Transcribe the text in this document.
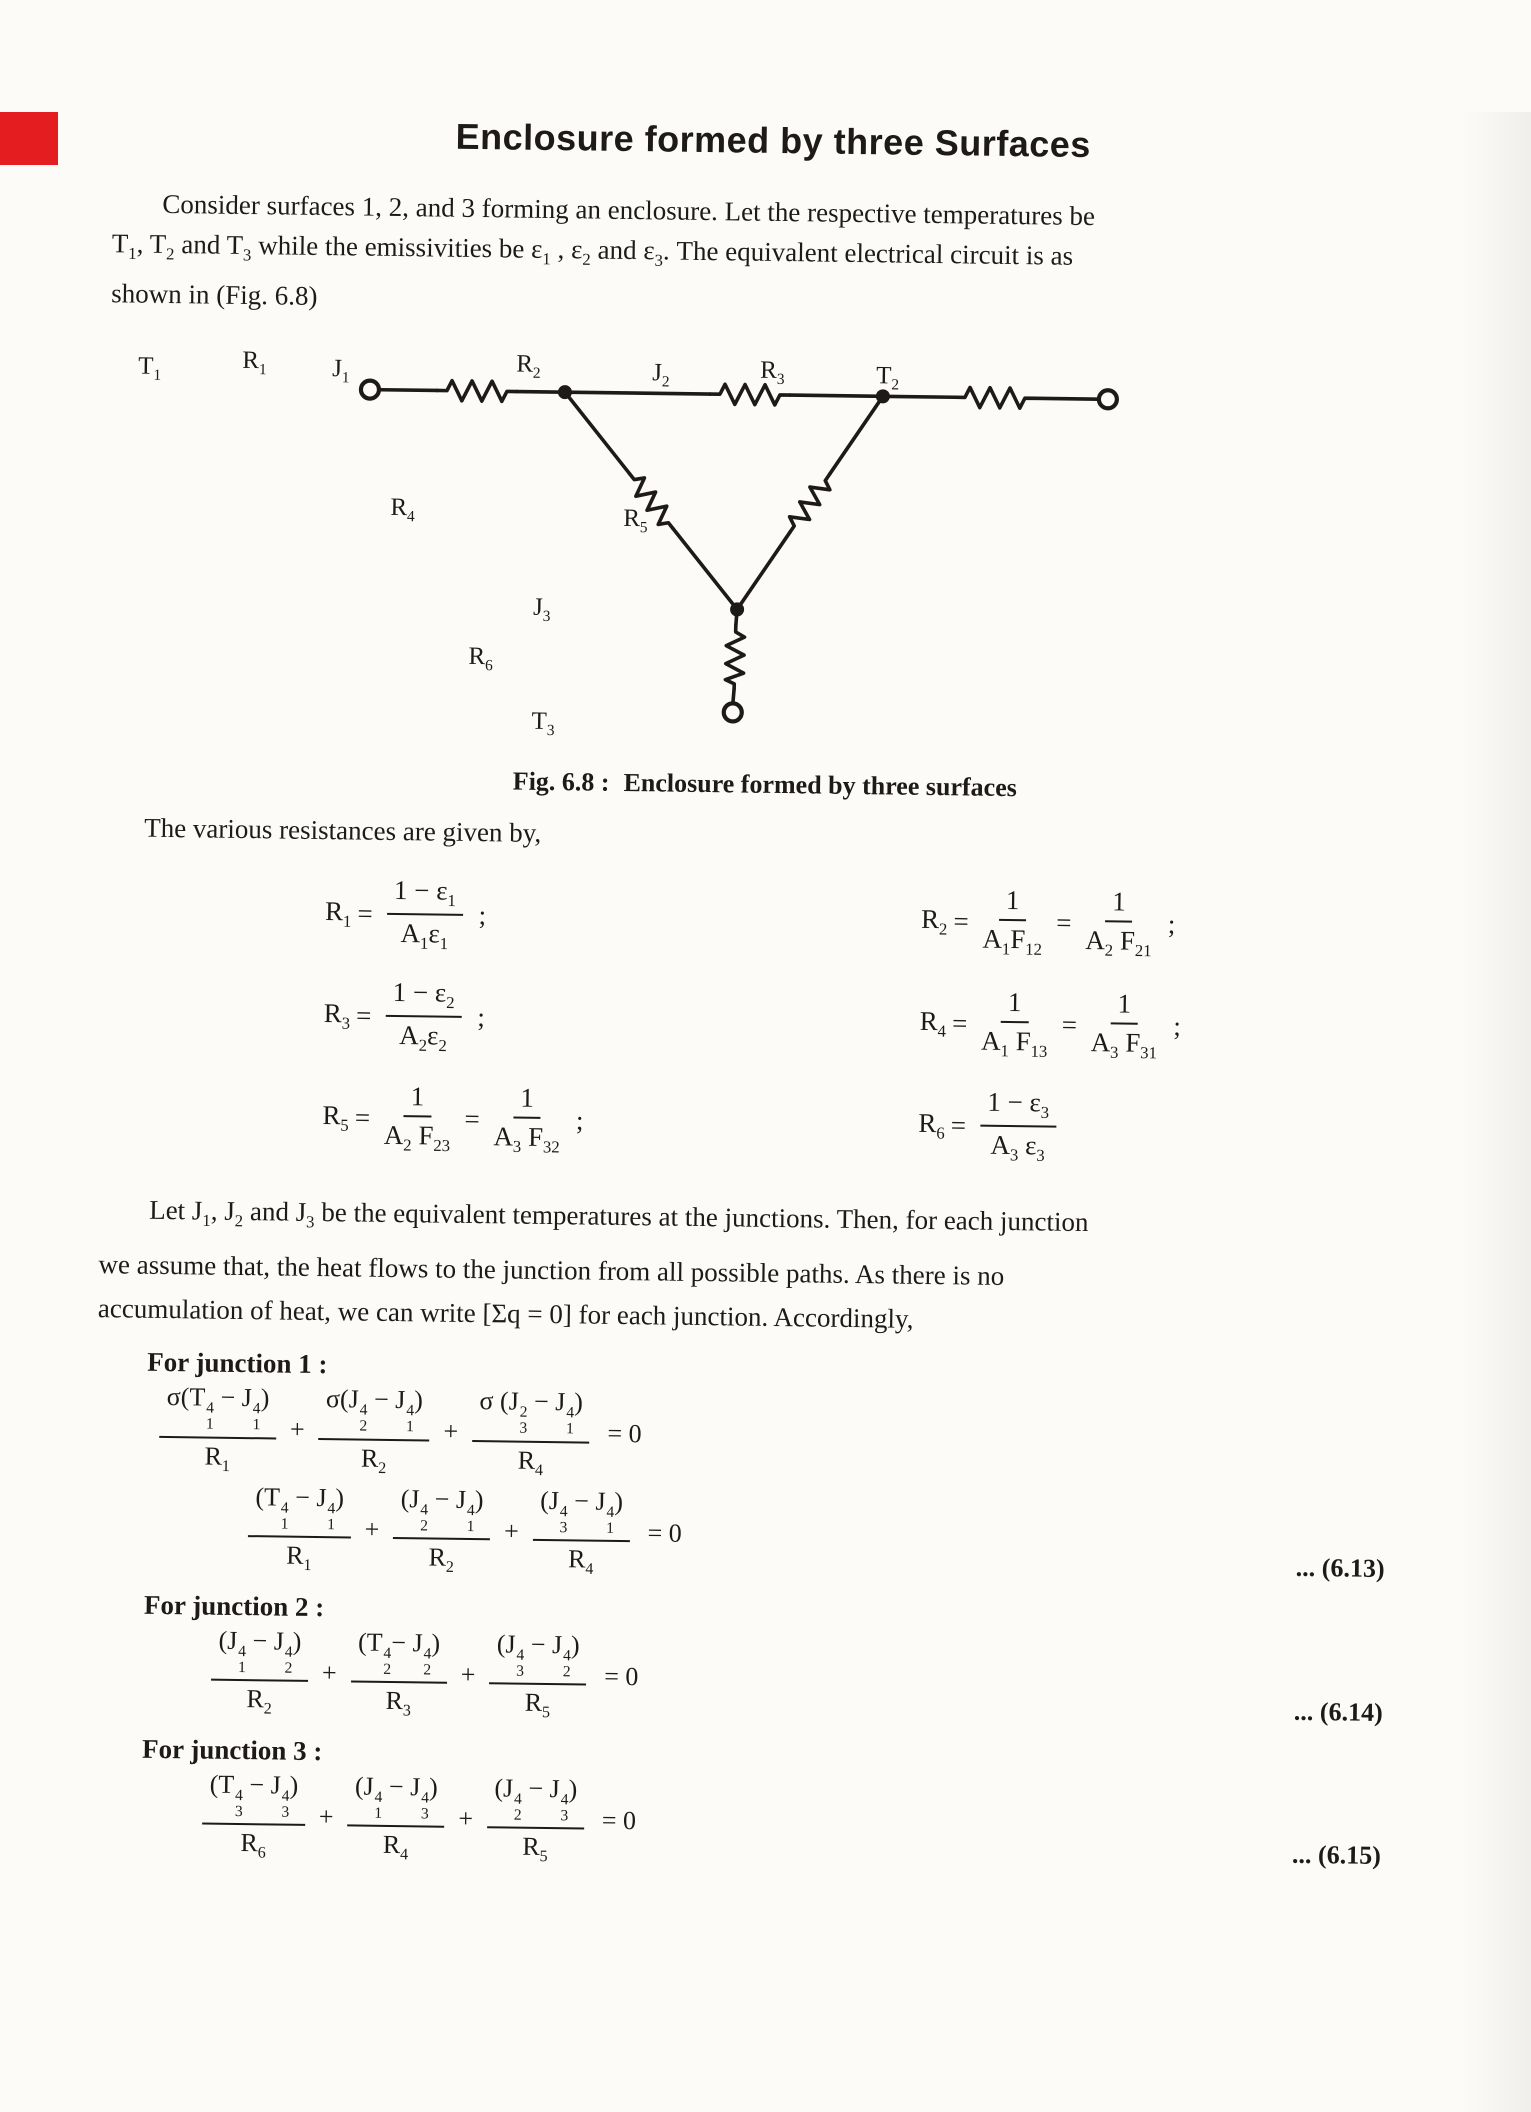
Enclosure formed by three Surfaces
Consider surfaces 1, 2, and 3 forming an enclosure. Let the respective temperatures be
$T_1$, $T_2$ and $T_3$ while the emissivities be $\varepsilon_1$ , $\varepsilon_2$ and $\varepsilon_3$. The equivalent electrical circuit is as
shown in (Fig. 6.8)
$T_1$
$R_1$	$J_1$
$R_2$	$J_2$	$R_3$	$T_2$
$R_4$	$R_5$
$J_3$
$R_6$
$T_3$
Fig. 6.8 : Enclosure formed by three surfaces
The various resistances are given by,
$R_1 = \frac{1 - \varepsilon_1}{A_1\varepsilon_1}$ ;	$R_2 = \frac{1}{A_1F_{12}} = \frac{1}{A_2 F_{21}}$ ;
$R_3 = \frac{1 - \varepsilon_2}{A_2\varepsilon_2}$ ;	$R_4 = \frac{1}{A_1 F_{13}} = \frac{1}{A_3 F_{31}}$ ;
$R_5 = \frac{1}{A_2 F_{23}} = \frac{1}{A_3 F_{32}}$ ;	$R_6 = \frac{1 - \varepsilon_3}{A_3 \varepsilon_3}$
Let $J_1$, $J_2$ and $J_3$ be the equivalent temperatures at the junctions. Then, for each junction
we assume that, the heat flows to the junction from all possible paths. As there is no
accumulation of heat, we can write [Σq = 0] for each junction. Accordingly,
For junction 1 :
σ(T 4
1
− J 4
1
)
$R_1 + \sigma(J$ 4
2
− J 4
1
)
$R_2 + \sigma$ (J 2
3
− J 4
1
)
$R_4 = 0$
(T 4
1
− J 4
1
)
$R_1 + (J$ 4
2
− J 4
1
)
$R_2 + (J$ 4
3
− J 4
1
)
$R_4 = 0$
... (6.13)
For junction 2 :
(J 4
1
− J 4
2
)
$R_2 + (T$ 4
2
− J 4
2
)
$R_3 + (J$ 4
3
− J 4
2
)
$R_5 = 0$
... (6.14)
For junction 3 :
(T 4
3
− J 4
3
)
$R_6 + (J$ 4
1
− J 4
3
)
$R_4 + (J$ 4
2
− J 4
3
)
$R_5 = 0$
... (6.15)
